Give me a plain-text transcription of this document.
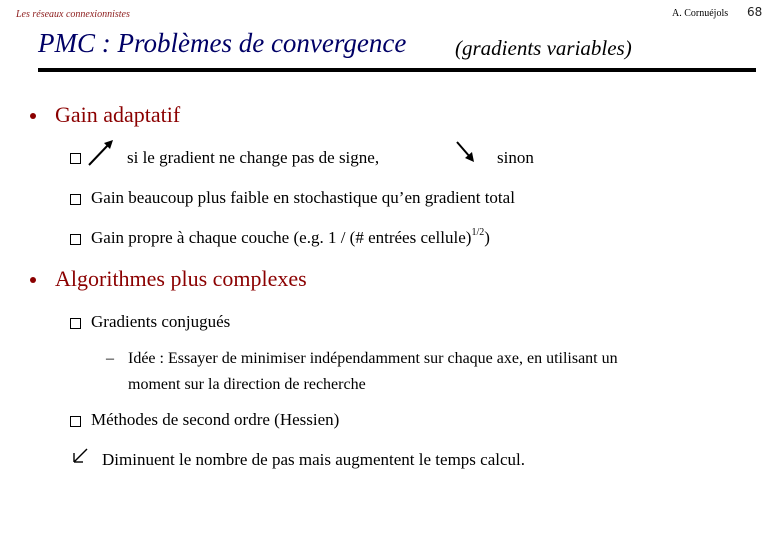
Les réseaux connexionnistes	A. Cornuéjols 68
PMC : Problèmes de convergence (gradients variables)
Gain adaptatif
si le gradient ne change pas de signe,	sinon
Gain beaucoup plus faible en stochastique qu’en gradient total
Gain propre à chaque couche (e.g. 1 / (# entrées cellule)$^{1/2}$)
Algorithmes plus complexes
Gradients conjugués
– Idée : Essayer de minimiser indépendamment sur chaque axe, en utilisant un
moment sur la direction de recherche
Méthodes de second ordre (Hessien)
Diminuent le nombre de pas mais augmentent le temps calcul.
